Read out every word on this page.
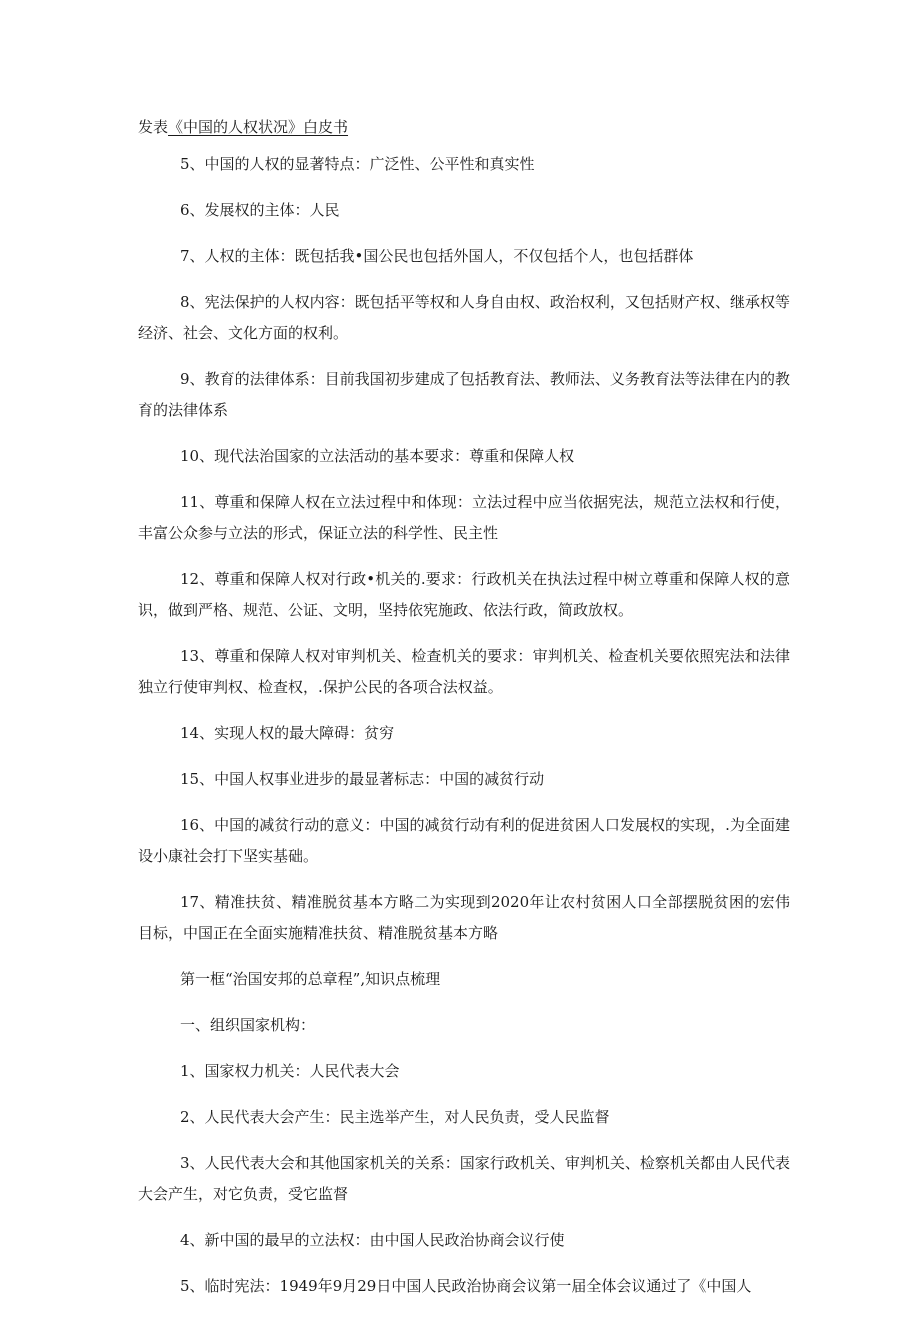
发表《中国的人权状况》白皮书

5、中国的人权的显著特点：广泛性、公平性和真实性

6、发展权的主体：人民

7、人权的主体：既包括我•国公民也包括外国人，不仅包括个人，也包括群体

8、宪法保护的人权内容：既包括平等权和人身自由权、政治权利，又包括财产权、继承权等经济、社会、文化方面的权利。

9、教育的法律体系：目前我国初步建成了包括教育法、教师法、义务教育法等法律在内的教育的法律体系

10、现代法治国家的立法活动的基本要求：尊重和保障人权

11、尊重和保障人权在立法过程中和体现：立法过程中应当依据宪法，规范立法权和行使，丰富公众参与立法的形式，保证立法的科学性、民主性

12、尊重和保障人权对行政•机关的.要求：行政机关在执法过程中树立尊重和保障人权的意识，做到严格、规范、公证、文明，坚持依宪施政、依法行政，简政放权。

13、尊重和保障人权对审判机关、检查机关的要求：审判机关、检查机关要依照宪法和法律独立行使审判权、检查权，.保护公民的各项合法权益。

14、实现人权的最大障碍：贫穷

15、中国人权事业进步的最显著标志：中国的减贫行动

16、中国的减贫行动的意义：中国的减贫行动有利的促进贫困人口发展权的实现，.为全面建设小康社会打下坚实基础。

17、精准扶贫、精准脱贫基本方略二为实现到2020年让农村贫困人口全部摆脱贫困的宏伟目标，中国正在全面实施精准扶贫、精准脱贫基本方略

第一框“治国安邦的总章程”,知识点梳理

一、组织国家机构：

1、国家权力机关：人民代表大会

2、人民代表大会产生：民主选举产生，对人民负责，受人民监督

3、人民代表大会和其他国家机关的关系：国家行政机关、审判机关、检察机关都由人民代表大会产生，对它负责，受它监督

4、新中国的最早的立法权：由中国人民政治协商会议行使

5、临时宪法：1949年9月29日中国人民政治协商会议第一届全体会议通过了《中国人
